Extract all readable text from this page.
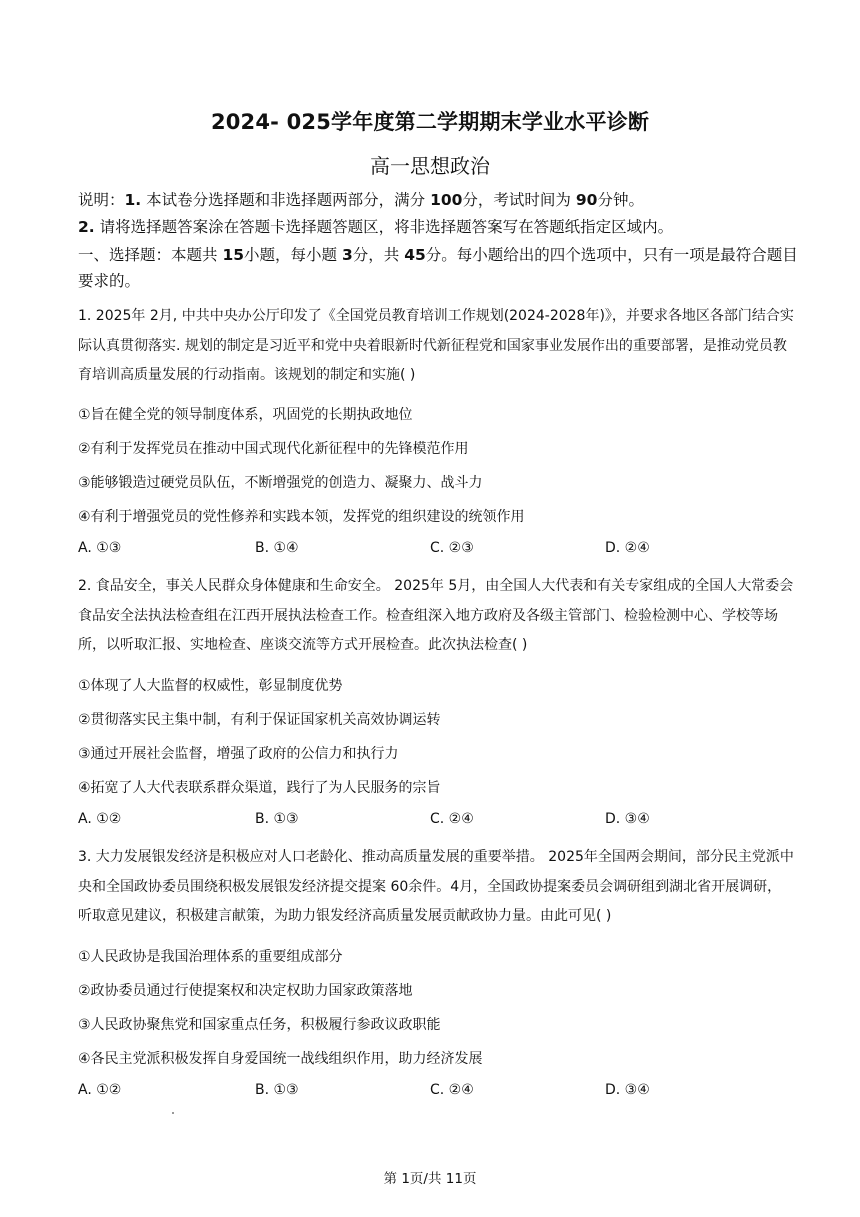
2024- 025学年度第二学期期末学业水平诊断
高一思想政治
说明：1. 本试卷分选择题和非选择题两部分，满分 100分，考试时间为 90分钟。
2. 请将选择题答案涂在答题卡选择题答题区，将非选择题答案写在答题纸指定区域内。
一、选择题：本题共 15小题，每小题 3分，共 45分。每小题给出的四个选项中，只有一项是最符合题目要求的。
1. 2025年 2月, 中共中央办公厅印发了《全国党员教育培训工作规划(2024-2028年)》，并要求各地区各部门结合实际认真贯彻落实. 规划的制定是习近平和党中央着眼新时代新征程党和国家事业发展作出的重要部署，是推动党员教育培训高质量发展的行动指南。该规划的制定和实施( )
①旨在健全党的领导制度体系，巩固党的长期执政地位
②有利于发挥党员在推动中国式现代化新征程中的先锋模范作用
③能够锻造过硬党员队伍，不断增强党的创造力、凝聚力、战斗力
④有利于增强党员的党性修养和实践本领，发挥党的组织建设的统领作用
A. ①③	B. ①④	C. ②③	D. ②④
2. 食品安全，事关人民群众身体健康和生命安全。 2025年 5月，由全国人大代表和有关专家组成的全国人大常委会食品安全法执法检查组在江西开展执法检查工作。检查组深入地方政府及各级主管部门、检验检测中心、学校等场所，以听取汇报、实地检查、座谈交流等方式开展检查。此次执法检查( )
①体现了人大监督的权威性，彰显制度优势
②贯彻落实民主集中制，有利于保证国家机关高效协调运转
③通过开展社会监督，增强了政府的公信力和执行力
④拓宽了人大代表联系群众渠道，践行了为人民服务的宗旨
A. ①②	B. ①③	C. ②④	D. ③④
3. 大力发展银发经济是积极应对人口老龄化、推动高质量发展的重要举措。 2025年全国两会期间，部分民主党派中央和全国政协委员围绕积极发展银发经济提交提案 60余件。4月，全国政协提案委员会调研组到湖北省开展调研，听取意见建议，积极建言献策，为助力银发经济高质量发展贡献政协力量。由此可见( )
①人民政协是我国治理体系的重要组成部分
②政协委员通过行使提案权和决定权助力国家政策落地
③人民政协聚焦党和国家重点任务，积极履行参政议政职能
④各民主党派积极发挥自身爱国统一战线组织作用，助力经济发展
A. ①②	B. ①③	C. ②④	D. ③④
第 1页/共 11页
